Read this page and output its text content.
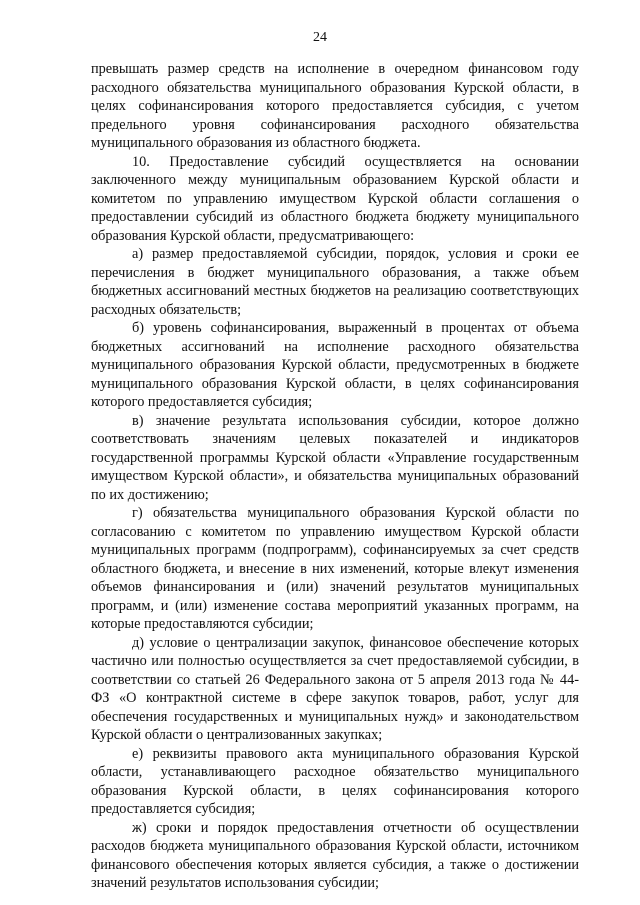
24

превышать размер средств на исполнение в очередном финансовом году расходного обязательства муниципального образования Курской области, в целях софинансирования которого предоставляется субсидия, с учетом предельного уровня софинансирования расходного обязательства муниципального образования из областного бюджета.

10. Предоставление субсидий осуществляется на основании заключенного между муниципальным образованием Курской области и комитетом по управлению имуществом Курской области соглашения о предоставлении субсидий из областного бюджета бюджету муниципального образования Курской области, предусматривающего:

а) размер предоставляемой субсидии, порядок, условия и сроки ее перечисления в бюджет муниципального образования, а также объем бюджетных ассигнований местных бюджетов на реализацию соответствующих расходных обязательств;

б) уровень софинансирования, выраженный в процентах от объема бюджетных ассигнований на исполнение расходного обязательства муниципального образования Курской области, предусмотренных в бюджете муниципального образования Курской области, в целях софинансирования которого предоставляется субсидия;

в) значение результата использования субсидии, которое должно соответствовать значениям целевых показателей и индикаторов государственной программы Курской области «Управление государственным имуществом Курской области», и обязательства муниципальных образований по их достижению;

г) обязательства муниципального образования Курской области по согласованию с комитетом по управлению имуществом Курской области муниципальных программ (подпрограмм), софинансируемых за счет средств областного бюджета, и внесение в них изменений, которые влекут изменения объемов финансирования и (или) значений результатов муниципальных программ, и (или) изменение состава мероприятий указанных программ, на которые предоставляются субсидии;

д) условие о централизации закупок, финансовое обеспечение которых частично или полностью осуществляется за счет предоставляемой субсидии, в соответствии со статьей 26 Федерального закона от 5 апреля 2013 года № 44-ФЗ «О контрактной системе в сфере закупок товаров, работ, услуг для обеспечения государственных и муниципальных нужд» и законодательством Курской области о централизованных закупках;

е) реквизиты правового акта муниципального образования Курской области, устанавливающего расходное обязательство муниципального образования Курской области, в целях софинансирования которого предоставляется субсидия;

ж) сроки и порядок предоставления отчетности об осуществлении расходов бюджета муниципального образования Курской области, источником финансового обеспечения которых является субсидия, а также о достижении значений результатов использования субсидии;
